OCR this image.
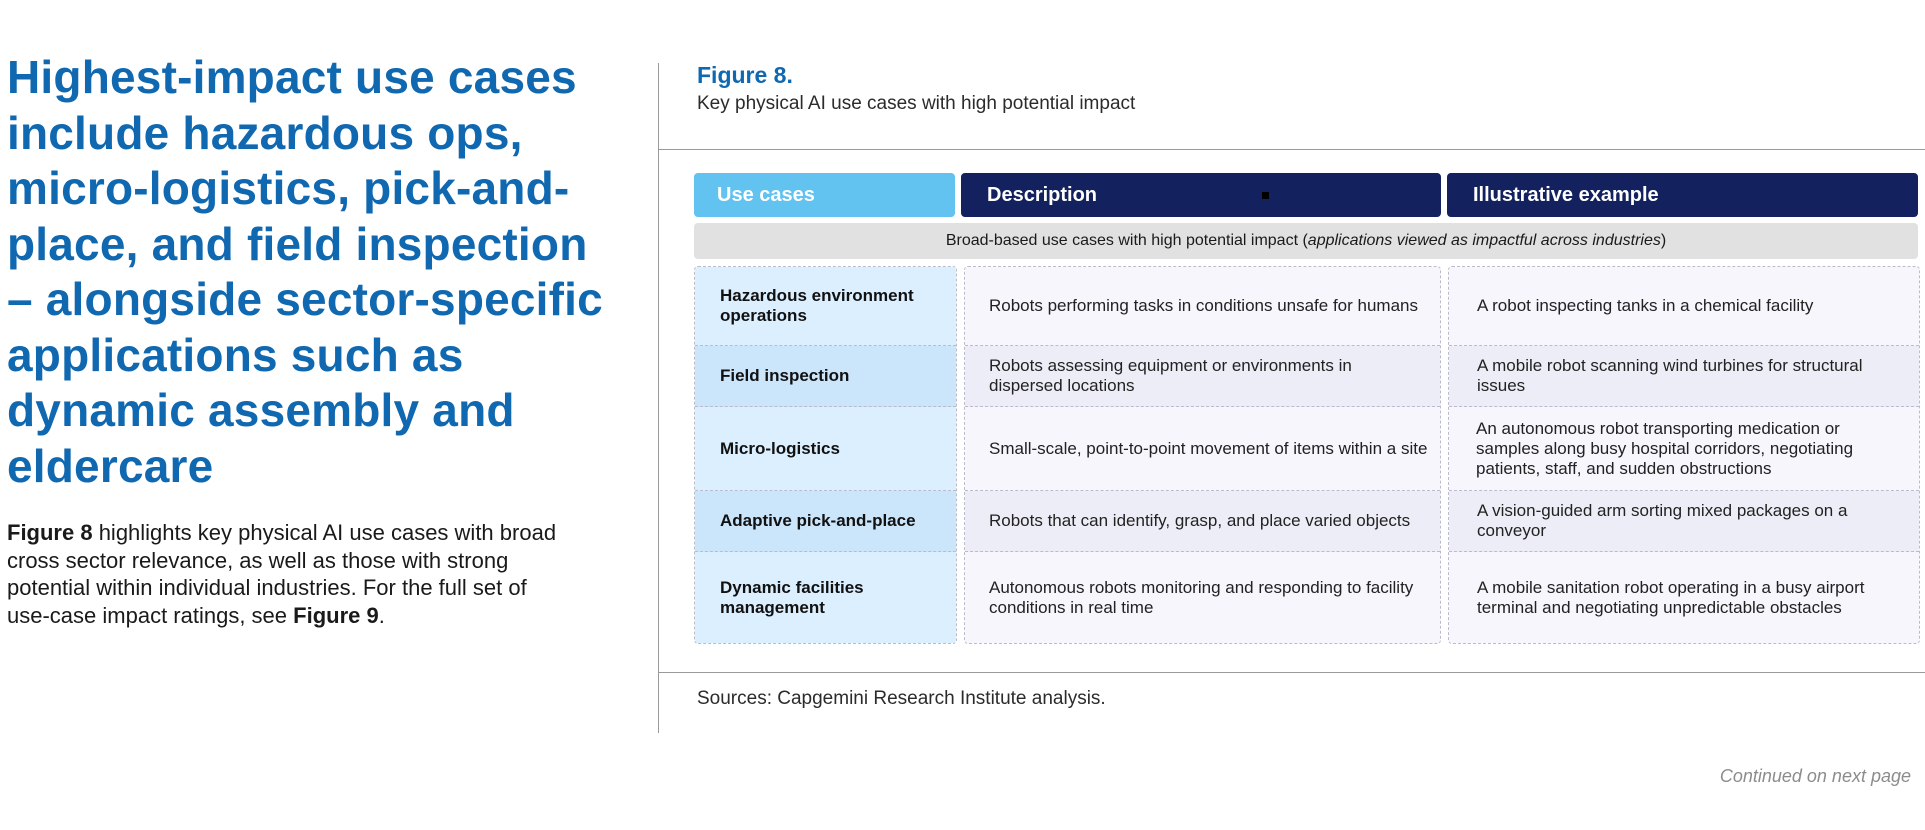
Highest-impact use cases include hazardous ops, micro-logistics, pick-and-place, and field inspection – alongside sector-specific applications such as dynamic assembly and eldercare

Figure 8 highlights key physical AI use cases with broad cross sector relevance, as well as those with strong potential within individual industries. For the full set of use-case impact ratings, see Figure 9.

Figure 8.
Key physical AI use cases with high potential impact
Use cases	Description	Illustrative example
Broad-based use cases with high potential impact ( applications viewed as impactful across industries )
Hazardous environment operations
Field inspection
Micro-logistics
Adaptive pick-and-place
Dynamic facilities management
Robots performing tasks in conditions unsafe for humans
Robots assessing equipment or environments in dispersed locations
Small-scale, point-to-point movement of items within a site
Robots that can identify, grasp, and place varied objects
Autonomous robots monitoring and responding to facility conditions in real time
A robot inspecting tanks in a chemical facility
A mobile robot scanning wind turbines for structural issues
An autonomous robot transporting medication or samples along busy hospital corridors, negotiating patients, staff, and sudden obstructions
A vision-guided arm sorting mixed packages on a conveyor
A mobile sanitation robot operating in a busy airport terminal and negotiating unpredictable obstacles
Sources: Capgemini Research Institute analysis.
Continued on next page
